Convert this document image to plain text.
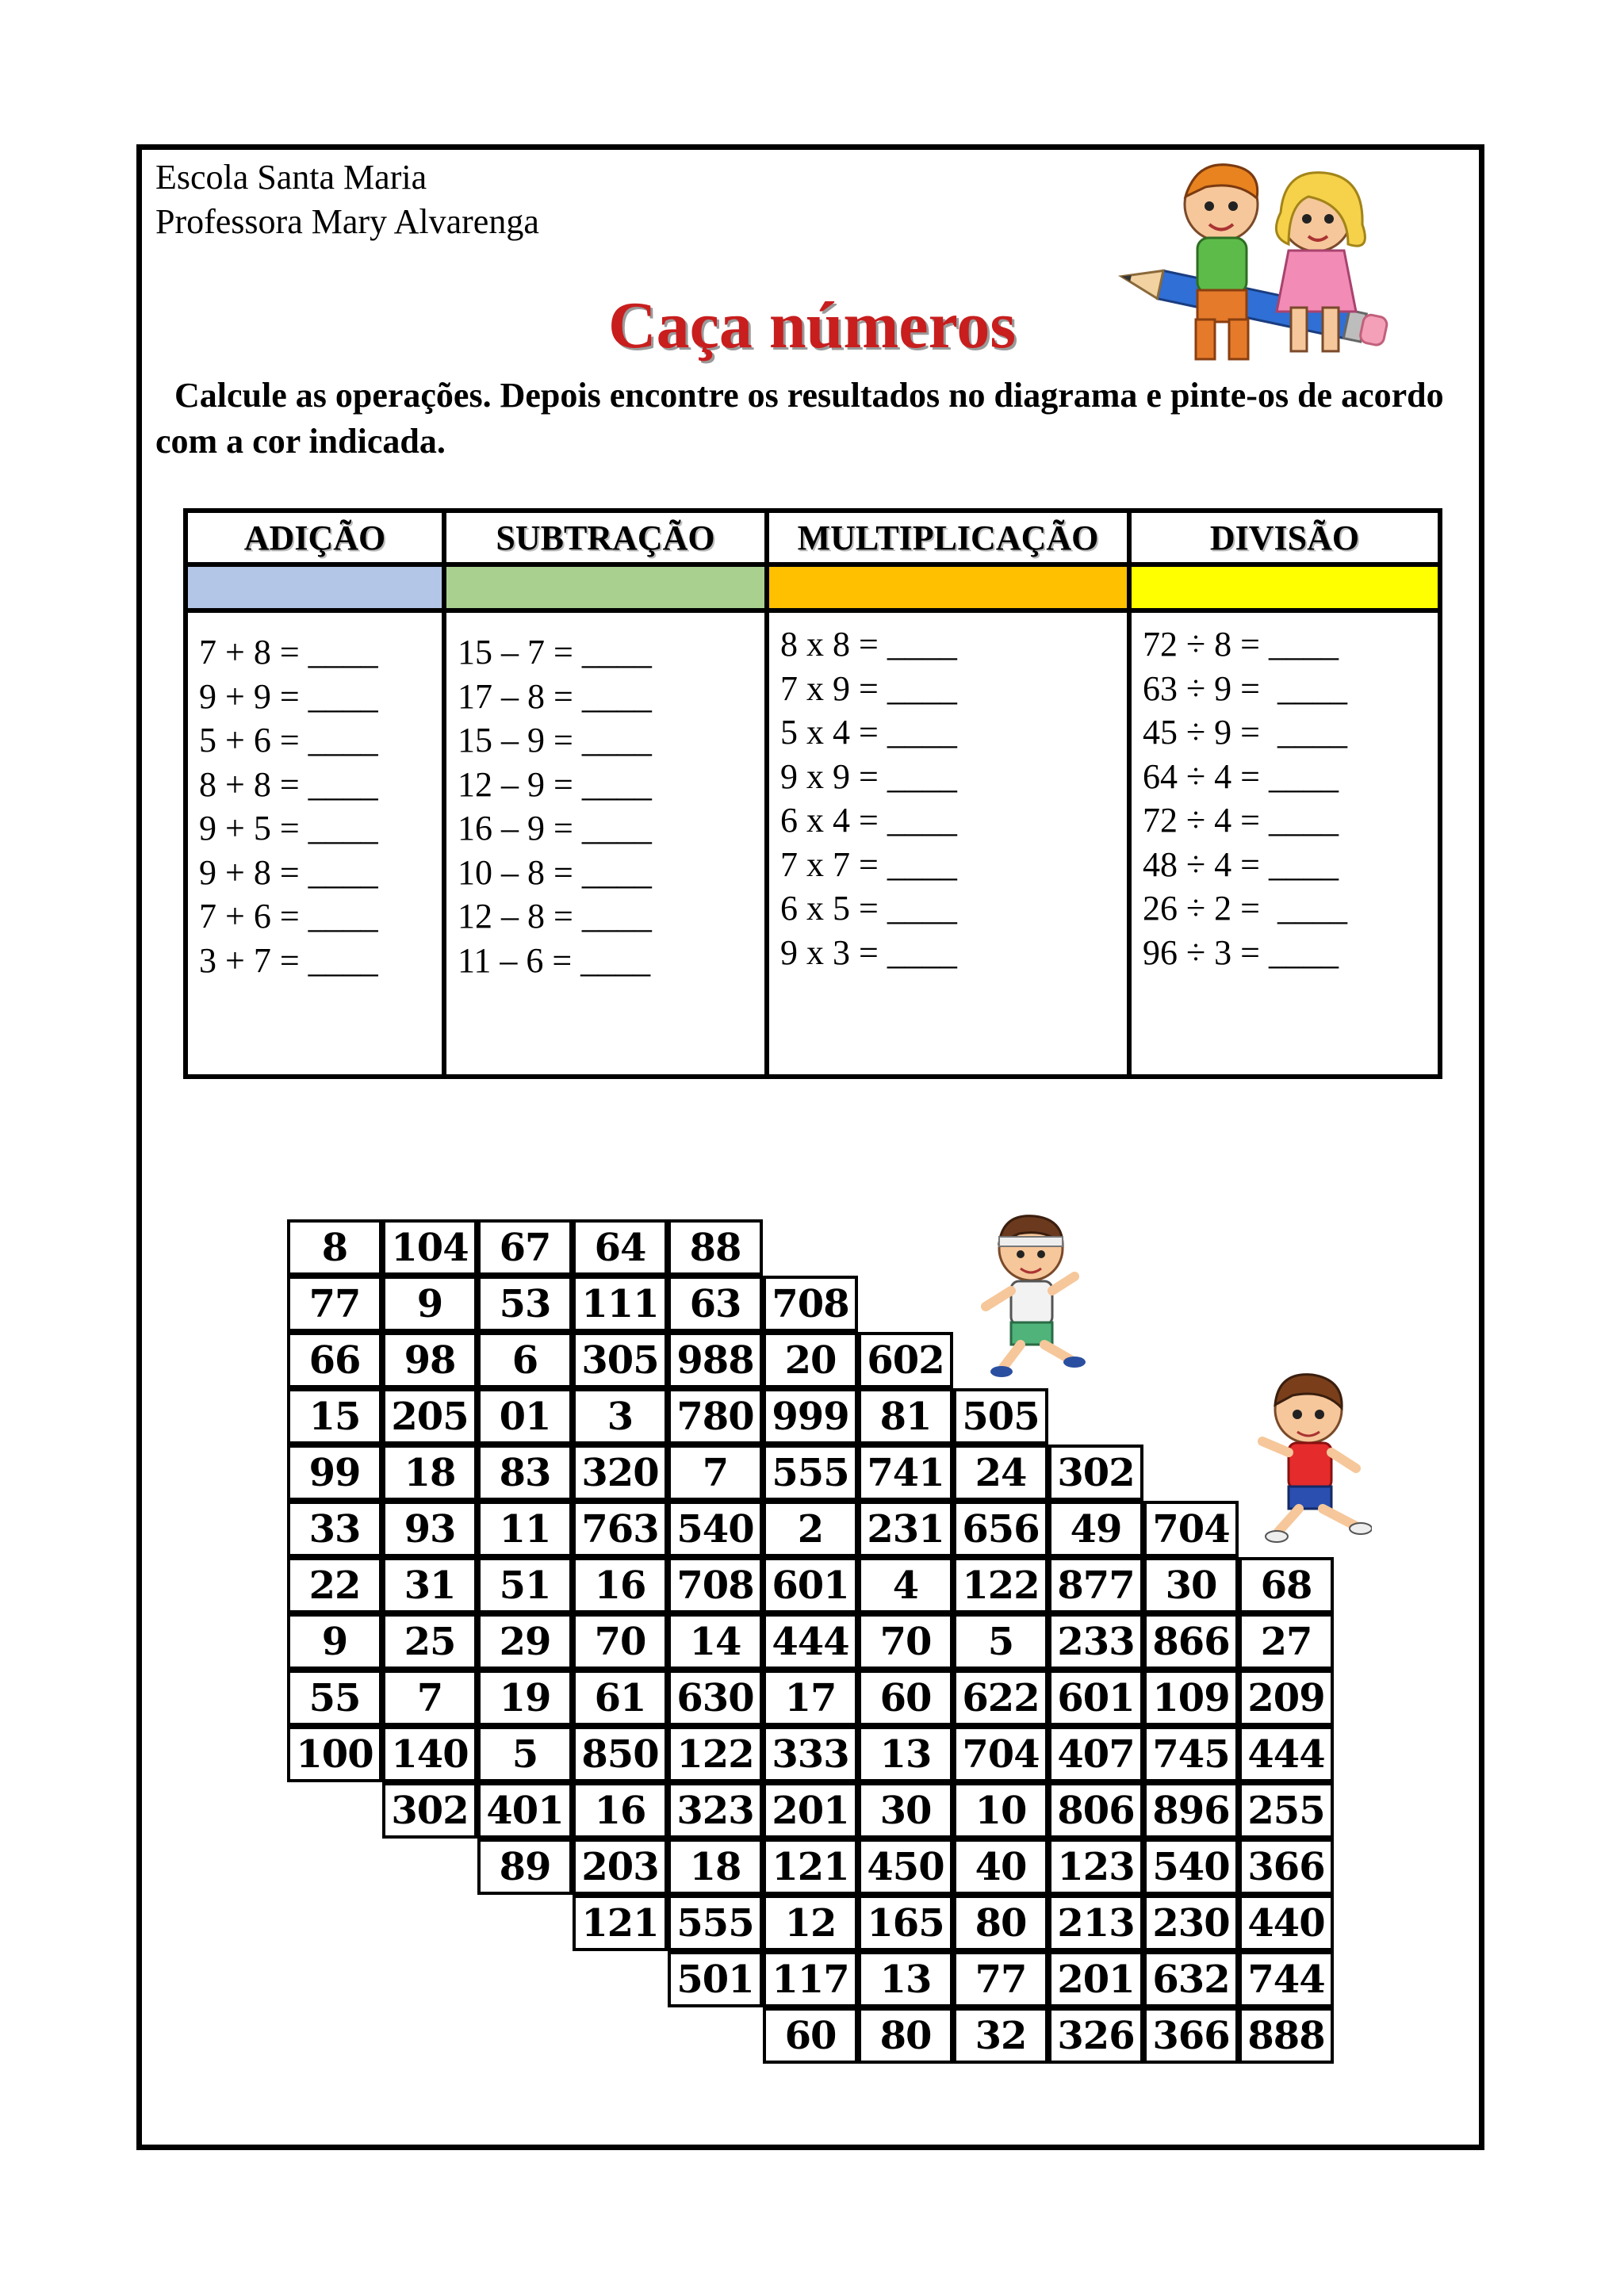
Escola Santa Maria
Professora Mary Alvarenga
Caça números
Calcule as operações. Depois encontre os resultados no diagrama e pinte-os de acordo com a cor indicada.
ADIÇÃO
7 + 8 = ____
9 + 9 = ____
5 + 6 = ____
8 + 8 = ____
9 + 5 = ____
9 + 8 = ____
7 + 6 = ____
3 + 7 = ____
SUBTRAÇÃO
15 – 7 = ____
17 – 8 = ____
15 – 9 = ____
12 – 9 = ____
16 – 9 = ____
10 – 8 = ____
12 – 8 = ____
11 – 6 = ____
MULTIPLICAÇÃO
8 x 8 = ____
7 x 9 = ____
5 x 4 = ____
9 x 9 = ____
6 x 4 = ____
7 x 7 = ____
6 x 5 = ____
9 x 3 = ____
DIVISÃO
72 ÷ 8 = ____
63 ÷ 9 =  ____
45 ÷ 9 =  ____
64 ÷ 4 = ____
72 ÷ 4 = ____
48 ÷ 4 = ____
26 ÷ 2 =  ____
96 ÷ 3 = ____
8	104 67	64	88
77	9	53 111 63 708
66	98	6	305 988 20 602
15 205 01	3	780 999 81 505
99	18	83 320	7	555 741 24 302
33	93	11 763 540	2	231 656 49 704
22	31	51	16 708 601	4	122 877 30	68
9	25	29	70	14 444 70	5	233 866 27
55	7	19	61 630 17	60 622 601 109 209
100 140	5	850 122 333 13 704 407 745 444
302 401 16 323 201 30	10 806 896 255
89 203 18 121 450 40 123 540 366
121 555 12 165 80 213 230 440
501 117 13	77 201 632 744
60	80	32 326 366 888
